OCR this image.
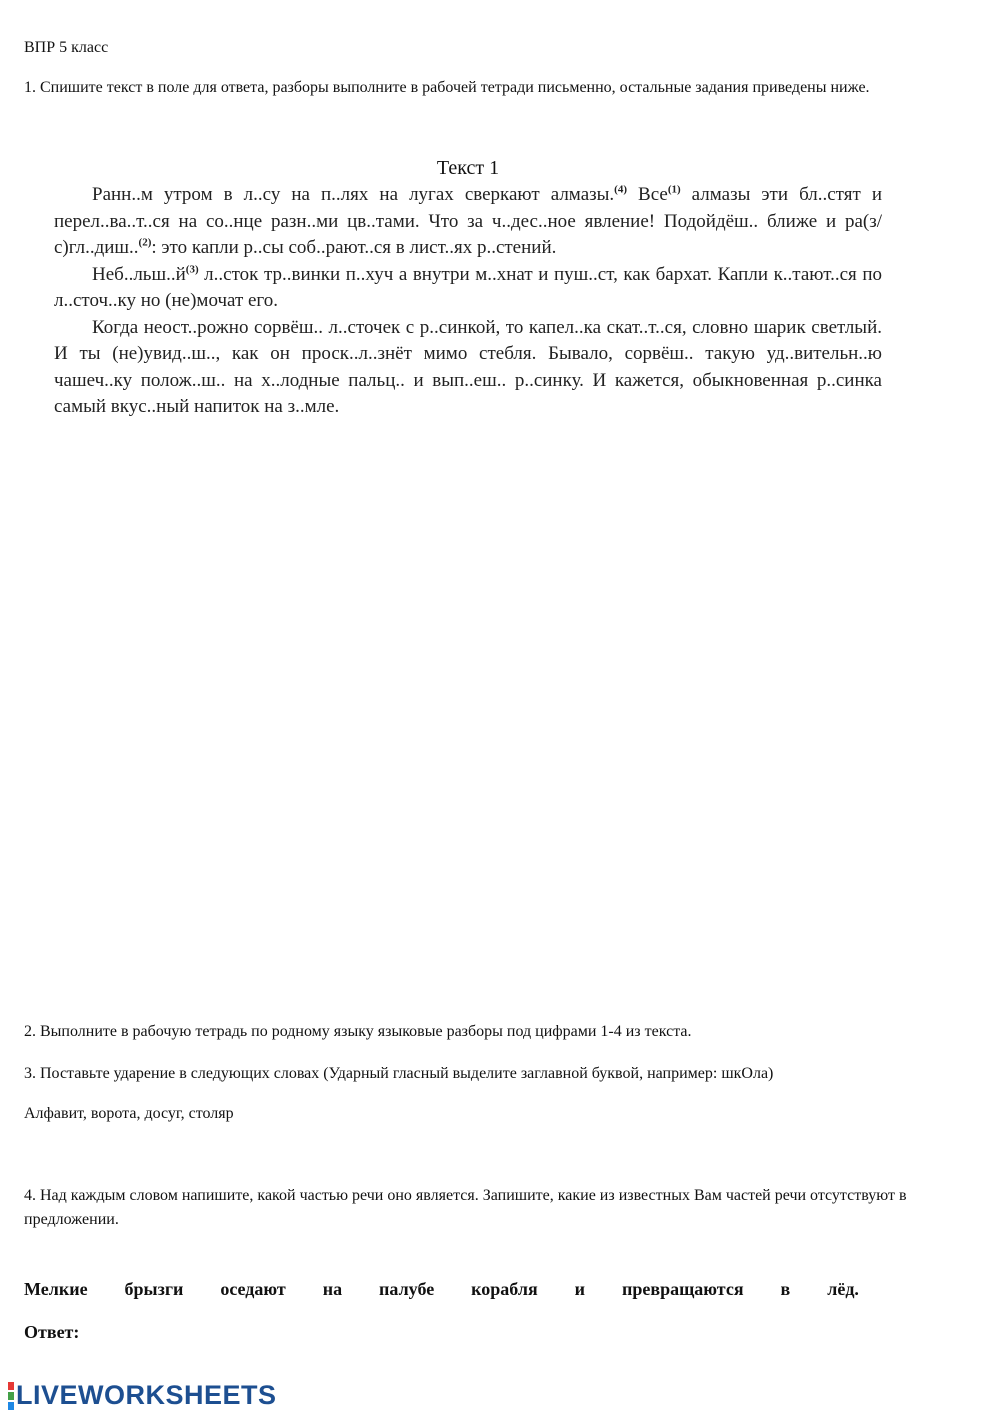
ВПР 5 класс
1. Спишите текст в поле для ответа, разборы выполните в рабочей тетради письменно, остальные задания приведены ниже.
Текст 1

Ранн..м утром в л..су на п..лях на лугах сверкают алмазы.$^{(4)}$ Все$^{(1)}$ алмазы эти бл..стят и перел..ва..т..ся на со..нце разн..ми цв..тами. Что за ч..дес..ное явление! Подойдёш.. ближе и ра(з/с)гл..диш..$^{(2)}$: это капли р..сы соб..рают..ся в лист..ях р..стений.

$Неб..льш..й^{(3)}$ л..сток тр..винки п..хуч а внутри м..хнат и пуш..ст, как бархат. Капли к..тают..ся по л..сточ..ку но (не)мочат его.

Когда неост..рожно сорвёш.. л..сточек с р..синкой, то капел..ка скат..т..ся, словно шарик светлый. И ты (не)увид..ш.., как он проск..л..знёт мимо стебля. Бывало, сорвёш.. такую уд..вительн..ю чашеч..ку полож..ш.. на х..лодные пальц.. и вып..еш.. р..синку. И кажется, обыкновенная р..синка самый вкус..ный напиток на з..мле.

2. Выполните в рабочую тетрадь по родному языку языковые разборы под цифрами 1-4 из текста.
3. Поставьте ударение в следующих словах (Ударный гласный выделите заглавной буквой, например: шкОла)
Алфавит, ворота, досуг, столяр
4. Над каждым словом напишите, какой частью речи оно является. Запишите, какие из известных Вам частей речи отсутствуют в предложении.
Мелкие брызги оседают на палубе корабля и превращаются в лёд.
Ответ:
LIVEWORKSHEETS
